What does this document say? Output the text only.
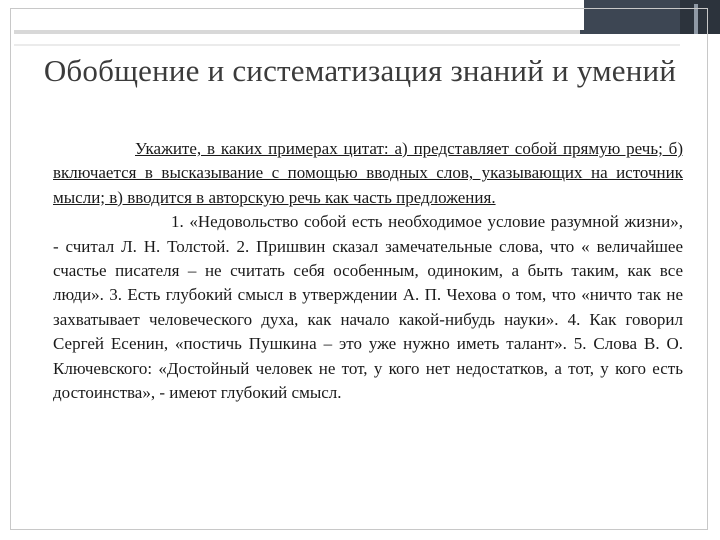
Обобщение и систематизация знаний и умений
Укажите, в каких примерах цитат: а) представляет собой прямую речь; б) включается в высказывание с помощью вводных слов, указывающих на источник мысли; в) вводится в авторскую речь как часть предложения.
1. «Недовольство собой есть необходимое условие разумной жизни», - считал Л. Н. Толстой. 2. Пришвин сказал замечательные слова, что « величайшее счастье писателя – не считать себя особенным, одиноким, а быть таким, как все люди». 3. Есть глубокий смысл в утверждении А. П. Чехова о том, что «ничто так не захватывает человеческого духа, как начало какой-нибудь науки». 4. Как говорил Сергей Есенин, «постичь Пушкина – это уже нужно иметь талант». 5. Слова В. О. Ключевского: «Достойный человек не тот, у кого нет недостатков, а тот, у кого есть достоинства», - имеют глубокий смысл.
